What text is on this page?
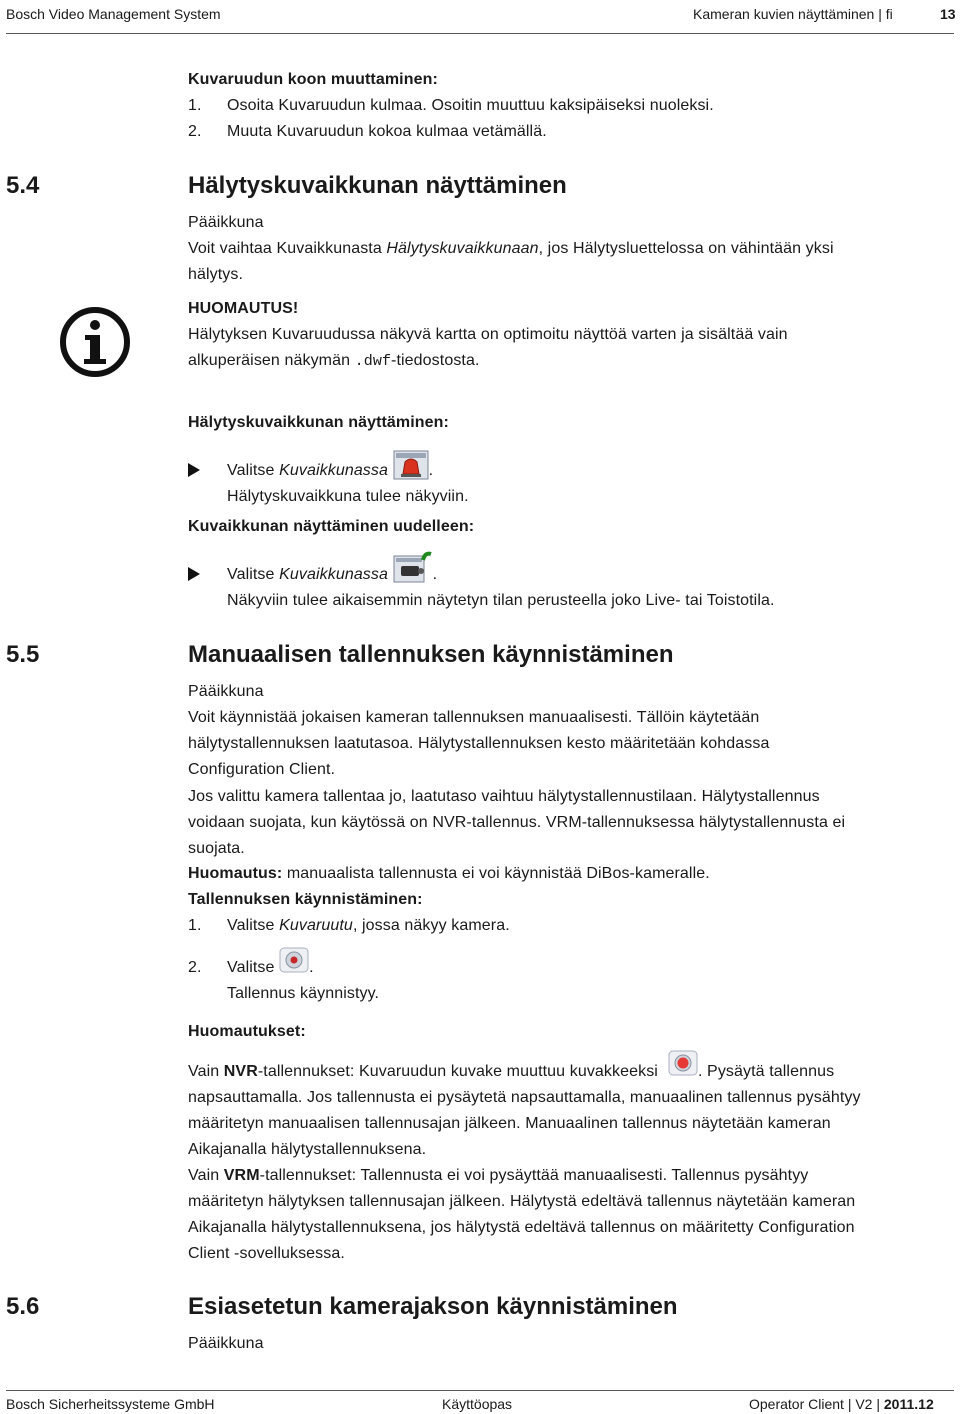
Bosch Video Management System	Kameran kuvien näyttäminen | fi	13
Kuvaruudun koon muuttaminen:
1. Osoita Kuvaruudun kulmaa. Osoitin muuttuu kaksipäiseksi nuoleksi.
2. Muuta Kuvaruudun kokoa kulmaa vetämällä.
5.4	Hälytyskuvaikkunan näyttäminen
Pääikkuna
Voit vaihtaa Kuvaikkunasta Hälytyskuvaikkunaan, jos Hälytysluettelossa on vähintään yksi
hälytys.
HUOMAUTUS!
Hälytyksen Kuvaruudussa näkyvä kartta on optimoitu näyttöä varten ja sisältää vain
alkuperäisen näkymän .dwf-tiedostosta.
Hälytyskuvaikkunan näyttäminen:
Valitse Kuvaikkunassa	.
Hälytyskuvaikkuna tulee näkyviin.
Kuvaikkunan näyttäminen uudelleen:
Valitse Kuvaikkunassa	.
Näkyviin tulee aikaisemmin näytetyn tilan perusteella joko Live- tai Toistotila.
5.5	Manuaalisen tallennuksen käynnistäminen
Pääikkuna
Voit käynnistää jokaisen kameran tallennuksen manuaalisesti. Tällöin käytetään
hälytystallennuksen laatutasoa. Hälytystallennuksen kesto määritetään kohdassa
Configuration Client.
Jos valittu kamera tallentaa jo, laatutaso vaihtuu hälytystallennustilaan. Hälytystallennus
voidaan suojata, kun käytössä on NVR-tallennus. VRM-tallennuksessa hälytystallennusta ei
suojata.
Huomautus: manuaalista tallennusta ei voi käynnistää DiBos-kameralle.
Tallennuksen käynnistäminen:
1. Valitse Kuvaruutu, jossa näkyy kamera.
2. Valitse .
Tallennus käynnistyy.
Huomautukset:
Vain NVR-tallennukset: Kuvaruudun kuvake muuttuu kuvakkeeksi	. Pysäytä tallennus
napsauttamalla. Jos tallennusta ei pysäytetä napsauttamalla, manuaalinen tallennus pysähtyy
määritetyn manuaalisen tallennusajan jälkeen. Manuaalinen tallennus näytetään kameran
Aikajanalla hälytystallennuksena.
Vain VRM-tallennukset: Tallennusta ei voi pysäyttää manuaalisesti. Tallennus pysähtyy
määritetyn hälytyksen tallennusajan jälkeen. Hälytystä edeltävä tallennus näytetään kameran
Aikajanalla hälytystallennuksena, jos hälytystä edeltävä tallennus on määritetty Configuration
Client -sovelluksessa.
5.6	Esiasetetun kamerajakson käynnistäminen
Pääikkuna
Bosch Sicherheitssysteme GmbH	Käyttöopas	Operator Client | V2 | 2011.12
